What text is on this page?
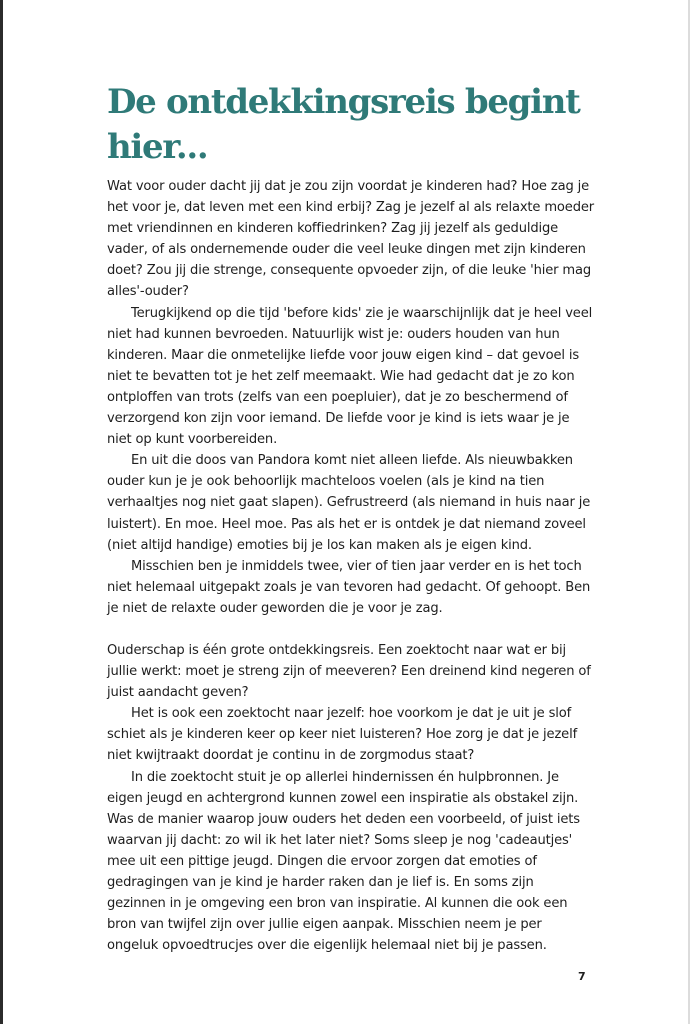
De ontdekkingsreis begint hier...

Wat voor ouder dacht jij dat je zou zijn voordat je kinderen had? Hoe zag je het voor je, dat leven met een kind erbij? Zag je jezelf al als relaxte moeder met vriendinnen en kinderen koffiedrinken? Zag jij jezelf als geduldige vader, of als ondernemende ouder die veel leuke dingen met zijn kinderen doet? Zou jij die strenge, consequente opvoeder zijn, of die leuke 'hier mag alles'-ouder?

Terugkijkend op die tijd 'before kids' zie je waarschijnlijk dat je heel veel niet had kunnen bevroeden. Natuurlijk wist je: ouders houden van hun kinderen. Maar die onmetelijke liefde voor jouw eigen kind – dat gevoel is niet te bevatten tot je het zelf meemaakt. Wie had gedacht dat je zo kon ontploffen van trots (zelfs van een poepluier), dat je zo beschermend of verzorgend kon zijn voor iemand. De liefde voor je kind is iets waar je je niet op kunt voorbereiden.

En uit die doos van Pandora komt niet alleen liefde. Als nieuwbakken ouder kun je je ook behoorlijk machteloos voelen (als je kind na tien verhaaltjes nog niet gaat slapen). Gefrustreerd (als niemand in huis naar je luistert). En moe. Heel moe. Pas als het er is ontdek je dat niemand zoveel (niet altijd handige) emoties bij je los kan maken als je eigen kind.

Misschien ben je inmiddels twee, vier of tien jaar verder en is het toch niet helemaal uitgepakt zoals je van tevoren had gedacht. Of gehoopt. Ben je niet de relaxte ouder geworden die je voor je zag.

Ouderschap is één grote ontdekkingsreis. Een zoektocht naar wat er bij jullie werkt: moet je streng zijn of meeveren? Een dreinend kind negeren of juist aandacht geven?

Het is ook een zoektocht naar jezelf: hoe voorkom je dat je uit je slof schiet als je kinderen keer op keer niet luisteren? Hoe zorg je dat je jezelf niet kwijtraakt doordat je continu in de zorgmodus staat?

In die zoektocht stuit je op allerlei hindernissen én hulpbronnen. Je eigen jeugd en achtergrond kunnen zowel een inspiratie als obstakel zijn. Was de manier waarop jouw ouders het deden een voorbeeld, of juist iets waarvan jij dacht: zo wil ik het later niet? Soms sleep je nog 'cadeautjes' mee uit een pittige jeugd. Dingen die ervoor zorgen dat emoties of gedragingen van je kind je harder raken dan je lief is. En soms zijn gezinnen in je omgeving een bron van inspiratie. Al kunnen die ook een bron van twijfel zijn over jullie eigen aanpak. Misschien neem je per ongeluk opvoedtrucjes over die eigenlijk helemaal niet bij je passen.

7
